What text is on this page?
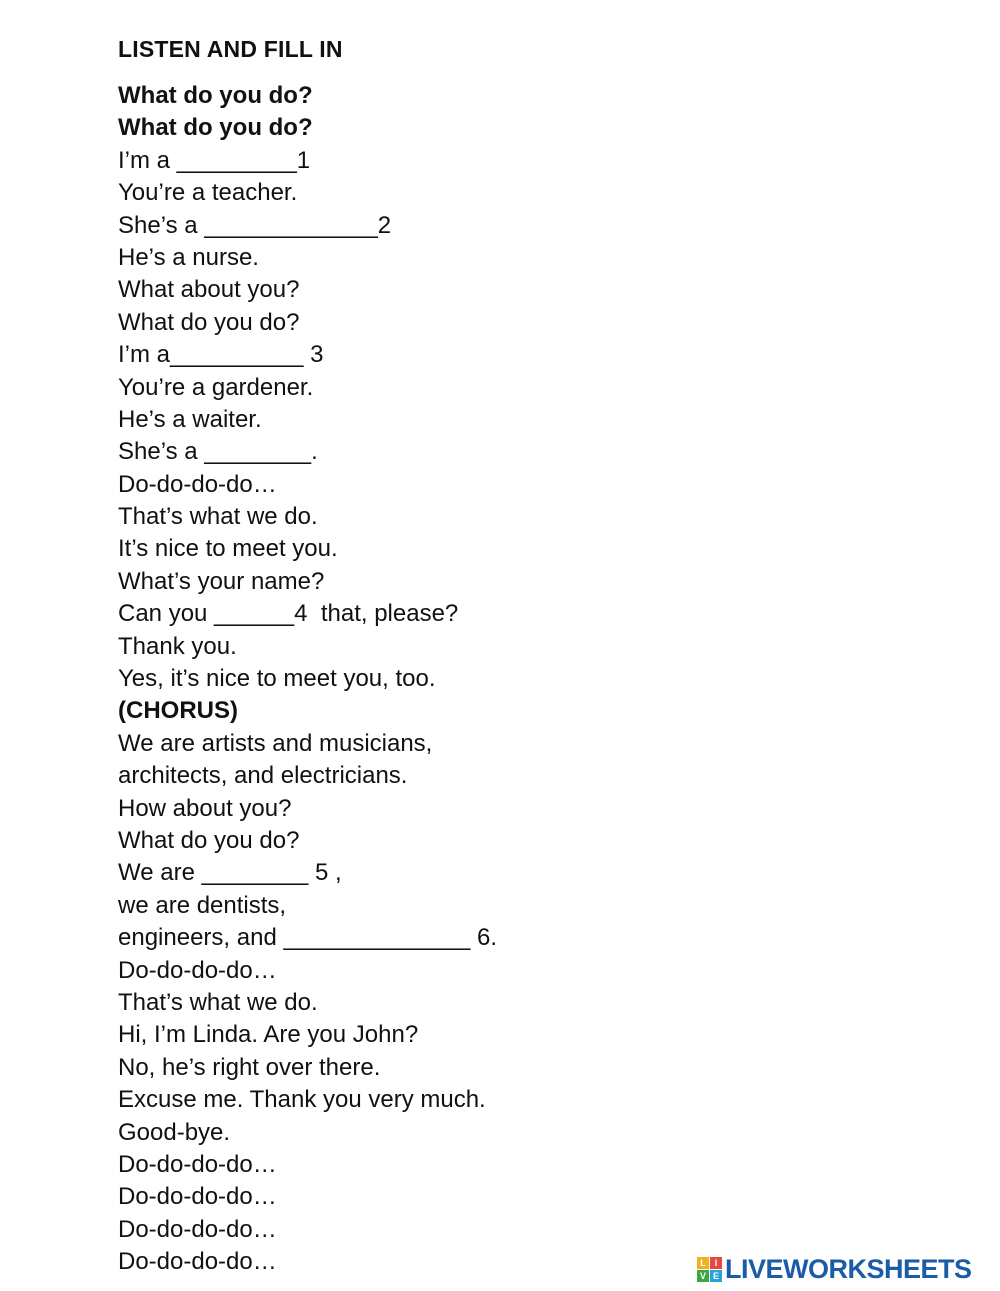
LISTEN AND FILL IN
What do you do?
What do you do?
I’m a _________1
You’re a teacher.
She’s a _____________2
He’s a nurse.
What about you?
What do you do?
I’m a__________ 3
You’re a gardener.
He’s a waiter.
She’s a ________.
Do-do-do-do…
That’s what we do.
It’s nice to meet you.
What’s your name?
Can you ______4  that, please?
Thank you.
Yes, it’s nice to meet you, too.
(CHORUS)
We are artists and musicians,
architects, and electricians.
How about you?
What do you do?
We are ________ 5 ,
we are dentists,
engineers, and ______________ 6.
Do-do-do-do…
That’s what we do.
Hi, I’m Linda. Are you John?
No, he’s right over there.
Excuse me. Thank you very much.
Good-bye.
Do-do-do-do…
Do-do-do-do…
Do-do-do-do…
Do-do-do-do…	L I
V E LIVEWORKSHEETS
